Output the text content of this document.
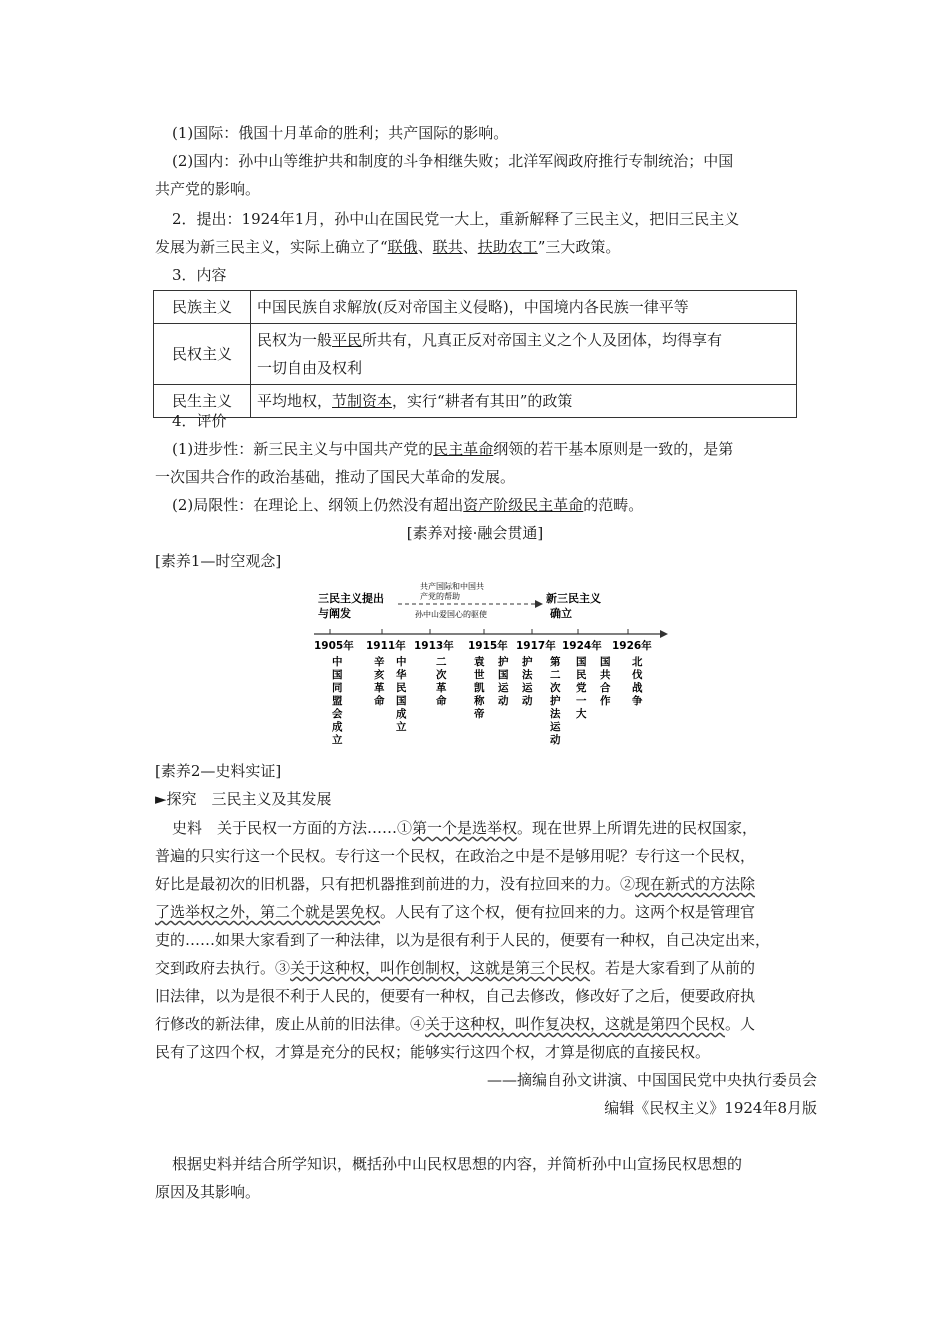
(1)国际：俄国十月革命的胜利；共产国际的影响。
(2)国内：孙中山等维护共和制度的斗争相继失败；北洋军阀政府推行专制统治；中国
共产党的影响。
2．提出：1924年1月，孙中山在国民党一大上，重新解释了三民主义，把旧三民主义
发展为新三民主义，实际上确立了“联俄、联共、扶助农工”三大政策。
3．内容
民族主义	中国民族自求解放(反对帝国主义侵略)，中国境内各民族一律平等
民权主义	民权为一般平民所共有，凡真正反对帝国主义之个人及团体，均得享有
一切自由及权利
民生主义	平均地权，节制资本，实行“耕者有其田”的政策
4．评价
(1)进步性：新三民主义与中国共产党的民主革命纲领的若干基本原则是一致的，是第
一次国共合作的政治基础，推动了国民大革命的发展。
(2)局限性：在理论上、纲领上仍然没有超出资产阶级民主革命的范畴。
[素养对接·融会贯通]
[素养1—时空观念]
三民主义提出
与阐发
共产国际和中国共
产党的帮助
孙中山爱国心的驱使
新三民主义
确立
1905年 1911年 1913年 1915年 1917年 1924年 1926年
中国同盟会成立
辛亥革命
中华民国成立
二次革命
袁世凯称帝
护国运动
护法运动
第二次护法运动
国民党一大
国共合作
北伐战争
[素养2—史料实证]
►探究　三民主义及其发展
史料　关于民权一方面的方法……①第一个是选举权。现在世界上所谓先进的民权国家，
普遍的只实行这一个民权。专行这一个民权，在政治之中是不是够用呢？专行这一个民权，
好比是最初次的旧机器，只有把机器推到前进的力，没有拉回来的力。②现在新式的方法除
了选举权之外，第二个就是罢免权。人民有了这个权，便有拉回来的力。这两个权是管理官
吏的……如果大家看到了一种法律，以为是很有利于人民的，便要有一种权，自己决定出来，
交到政府去执行。③关于这种权，叫作创制权，这就是第三个民权。若是大家看到了从前的
旧法律，以为是很不利于人民的，便要有一种权，自己去修改，修改好了之后，便要政府执
行修改的新法律，废止从前的旧法律。④关于这种权，叫作复决权，这就是第四个民权。人
民有了这四个权，才算是充分的民权；能够实行这四个权，才算是彻底的直接民权。
——摘编自孙文讲演、中国国民党中央执行委员会
编辑《民权主义》1924年8月版
根据史料并结合所学知识，概括孙中山民权思想的内容，并简析孙中山宣扬民权思想的
原因及其影响。
